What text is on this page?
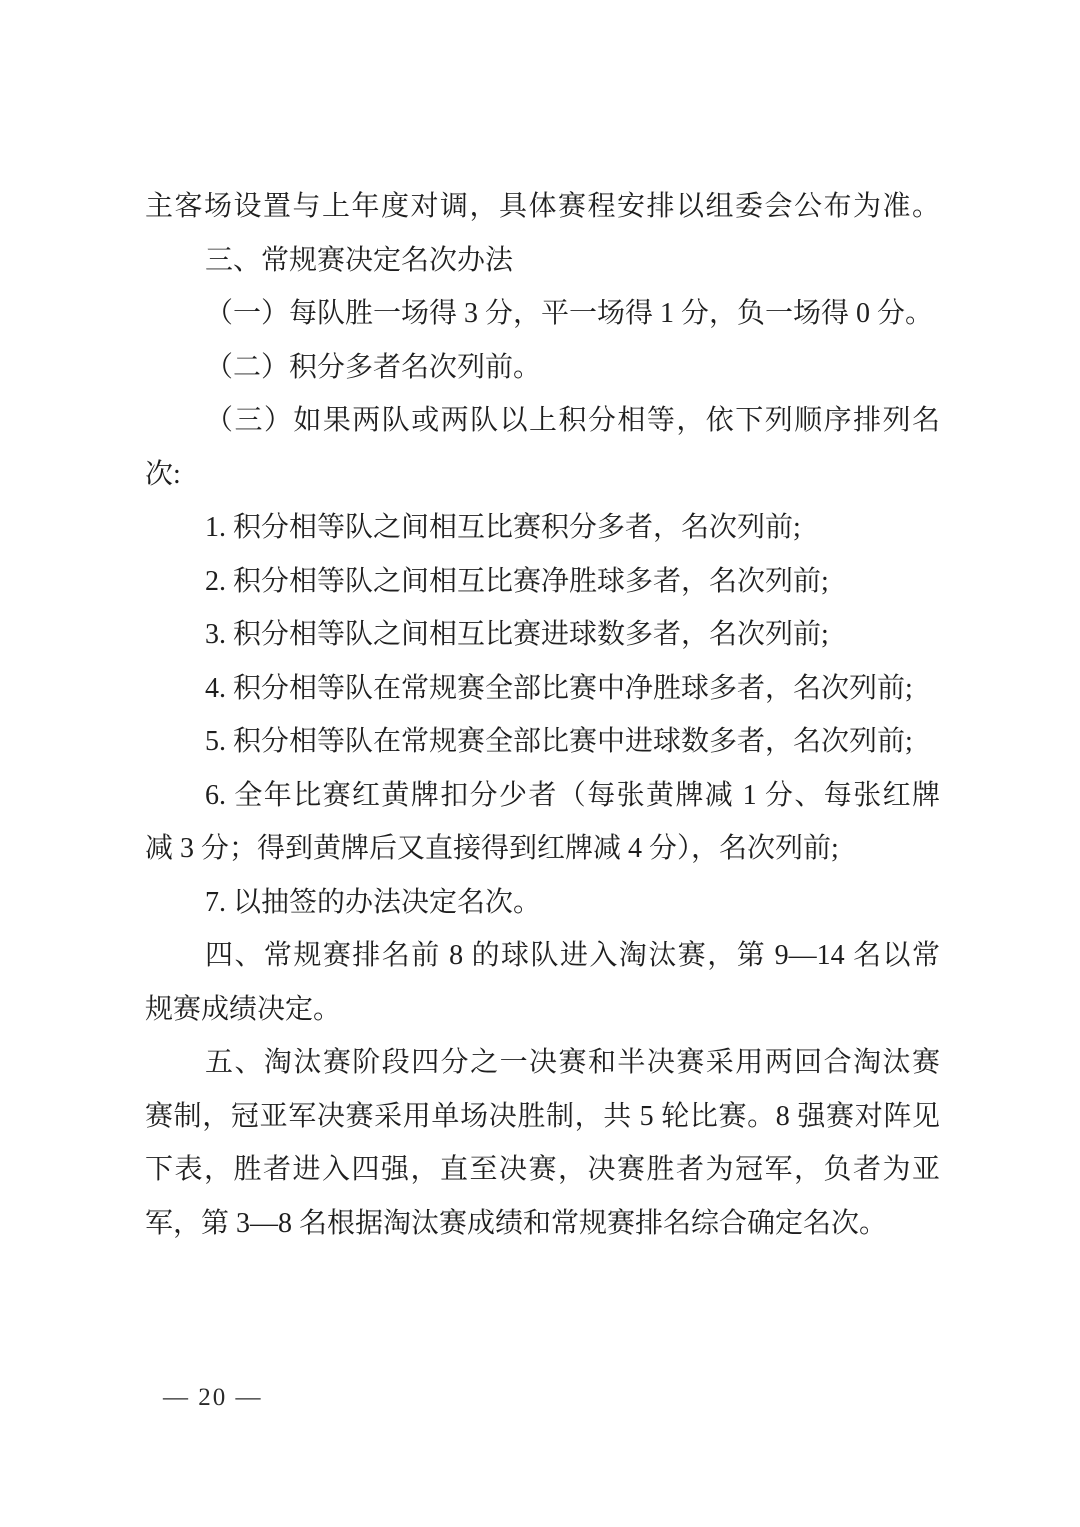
主客场设置与上年度对调，具体赛程安排以组委会公布为准。
三、常规赛决定名次办法
（一）每队胜一场得 3 分，平一场得 1 分，负一场得 0 分。
（二）积分多者名次列前。
（三）如果两队或两队以上积分相等，依下列顺序排列名
次:
1. 积分相等队之间相互比赛积分多者，名次列前;
2. 积分相等队之间相互比赛净胜球多者，名次列前;
3. 积分相等队之间相互比赛进球数多者，名次列前;
4. 积分相等队在常规赛全部比赛中净胜球多者，名次列前;
5. 积分相等队在常规赛全部比赛中进球数多者，名次列前;
6. 全年比赛红黄牌扣分少者（每张黄牌减 1 分、每张红牌
减 3 分；得到黄牌后又直接得到红牌减 4 分），名次列前;
7. 以抽签的办法决定名次。
四、常规赛排名前 8 的球队进入淘汰赛，第 9—14 名以常
规赛成绩决定。
五、淘汰赛阶段四分之一决赛和半决赛采用两回合淘汰赛
赛制，冠亚军决赛采用单场决胜制，共 5 轮比赛。8 强赛对阵见
下表，胜者进入四强，直至决赛，决赛胜者为冠军，负者为亚
军，第 3—8 名根据淘汰赛成绩和常规赛排名综合确定名次。
— 20 —
